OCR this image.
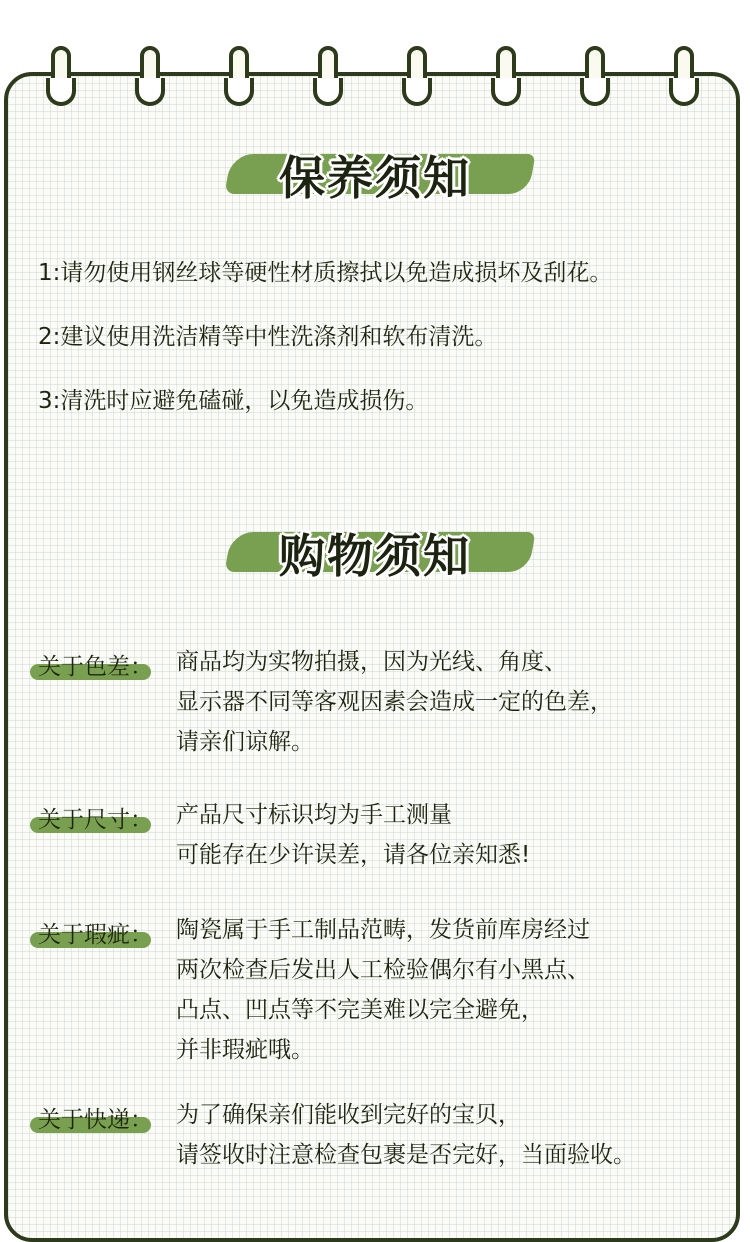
保养须知
1:请勿使用钢丝球等硬性材质擦拭以免造成损坏及刮花。
2:建议使用洗洁精等中性洗涤剂和软布清洗。
3:清洗时应避免磕碰，以免造成损伤。
购物须知
关于色差： 商品均为实物拍摄，因为光线、角度、
显示器不同等客观因素会造成一定的色差，
请亲们谅解。
关于尺寸： 产品尺寸标识均为手工测量
可能存在少许误差，请各位亲知悉!
关于瑕疵： 陶瓷属于手工制品范畴，发货前库房经过
两次检查后发出人工检验偶尔有小黑点、
凸点、凹点等不完美难以完全避免，
并非瑕疵哦。
关于快递： 为了确保亲们能收到完好的宝贝，
请签收时注意检查包裹是否完好，当面验收。
